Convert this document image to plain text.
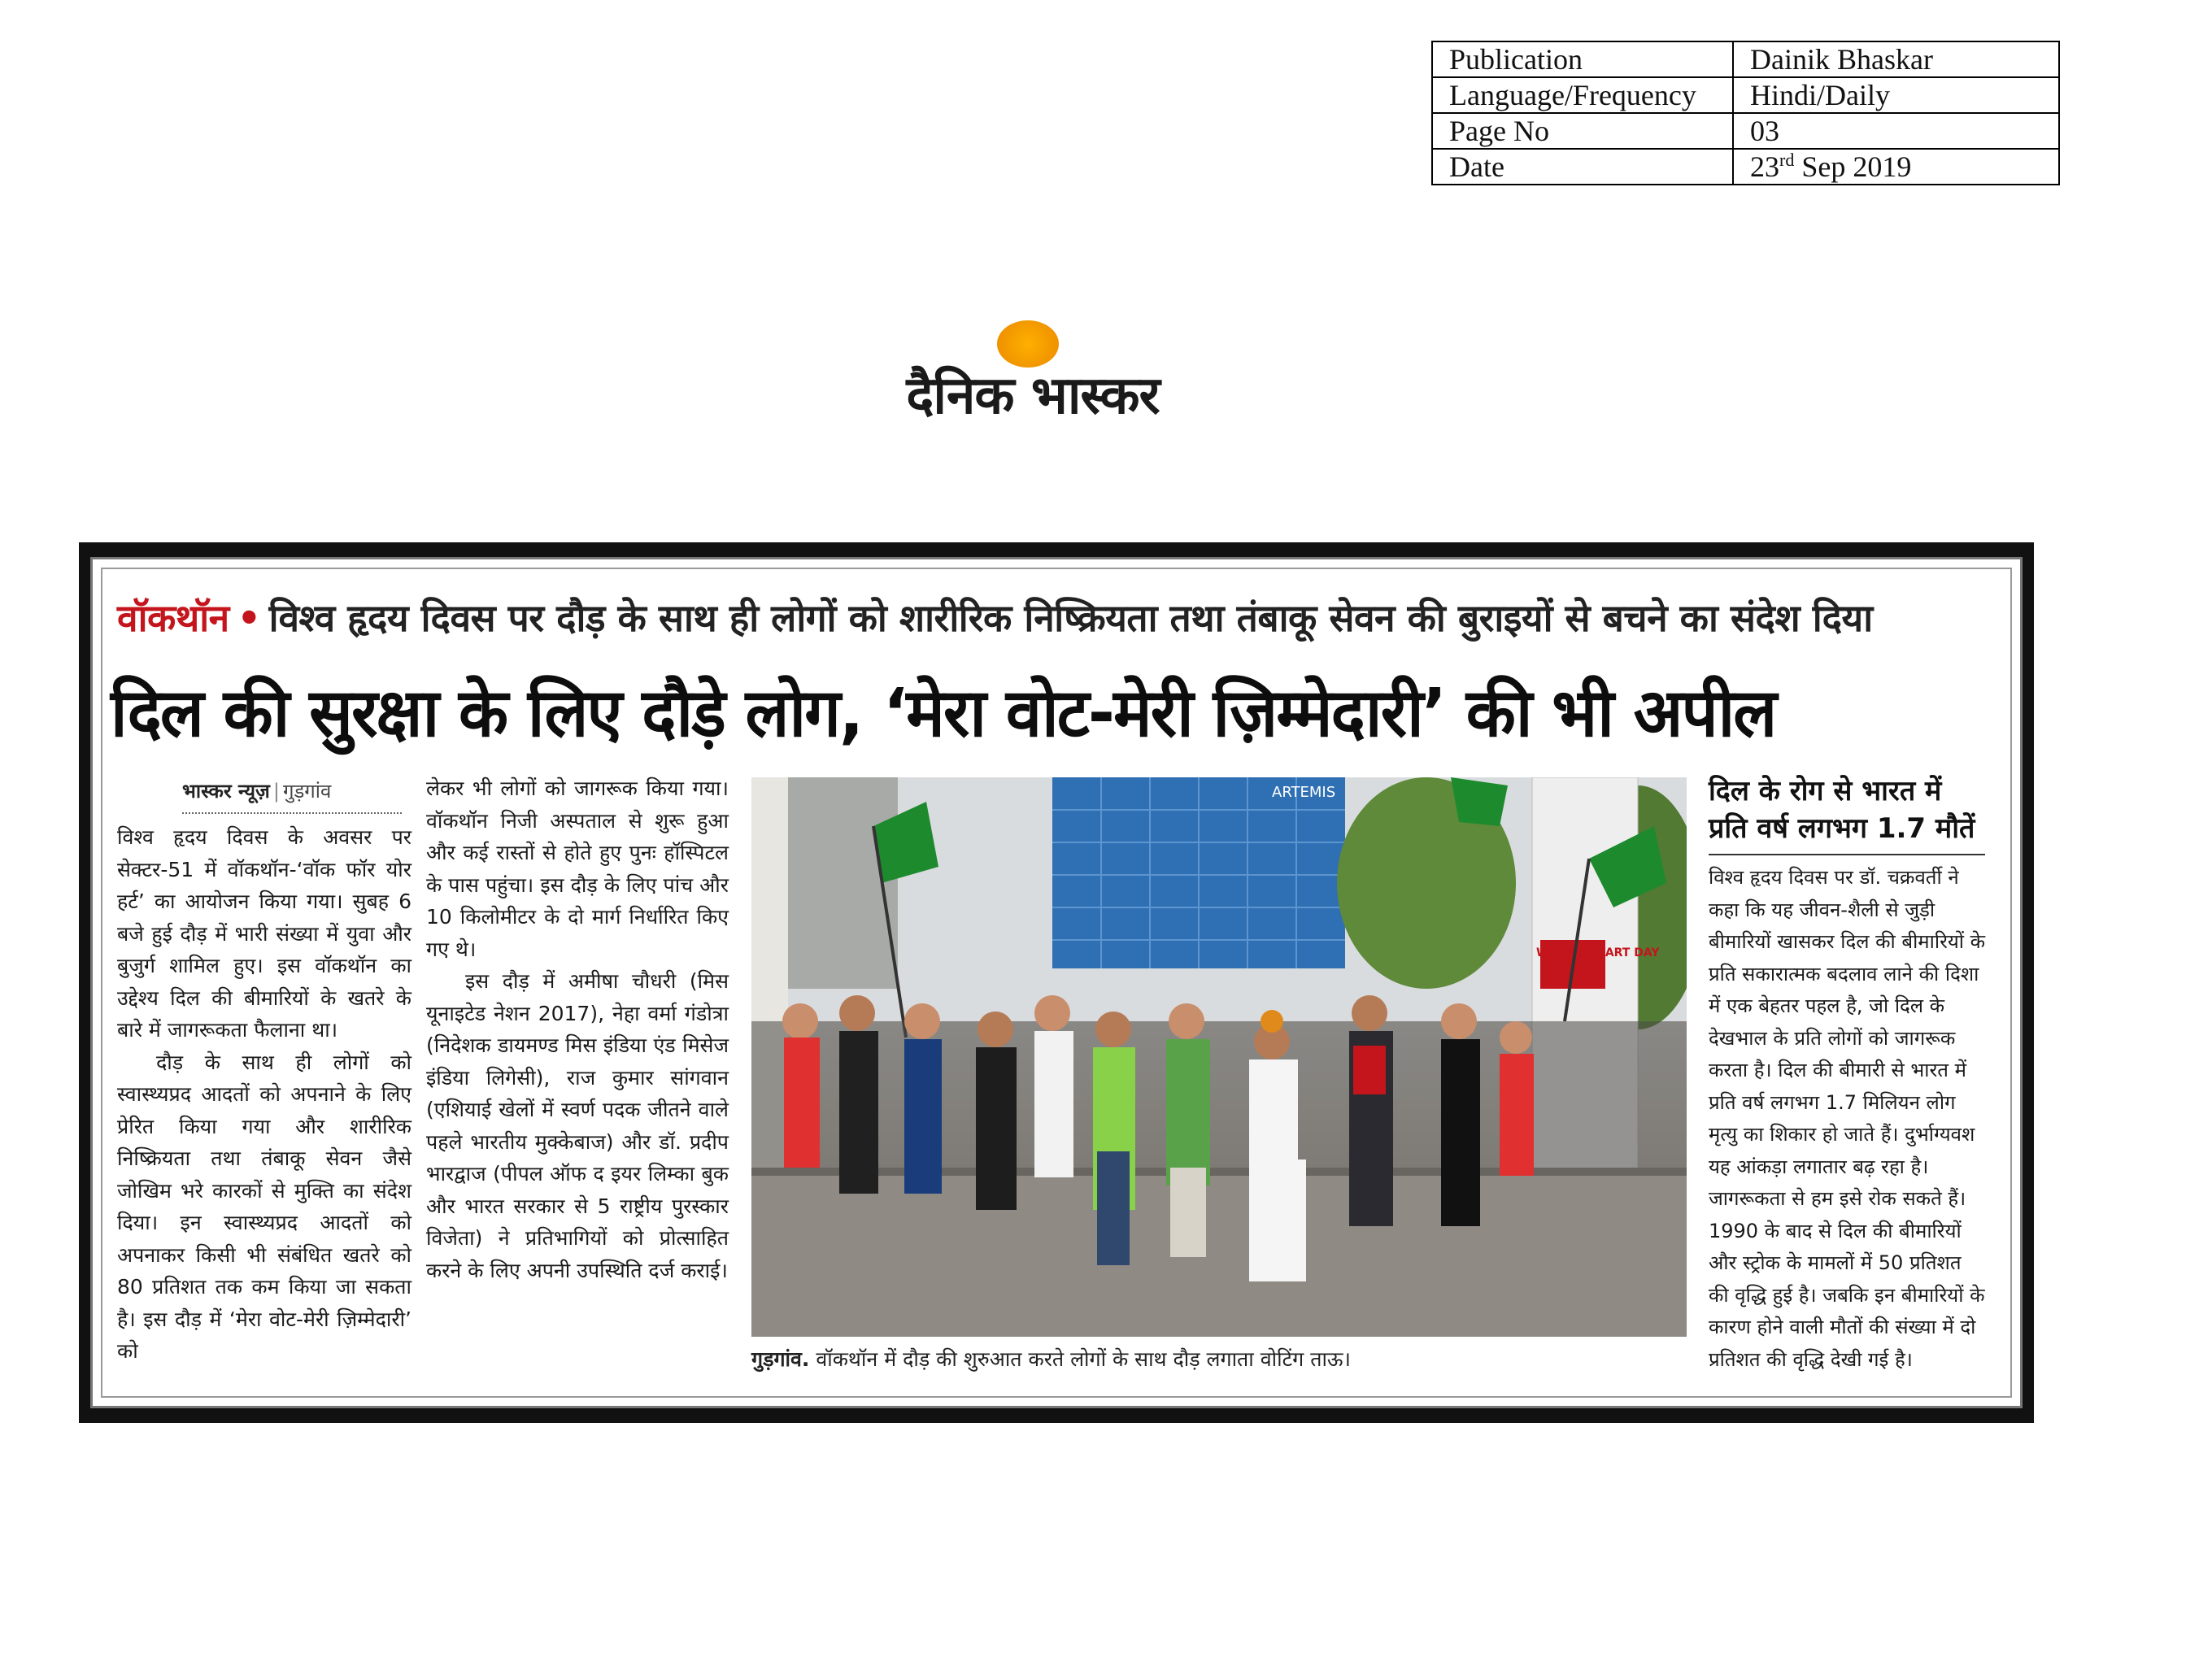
Publication	Dainik Bhaskar
Language/Frequency	Hindi/Daily
Page No	03
Date	23rd Sep 2019
दैनिक भास्कर
वॉकथॉन • विश्व हृदय दिवस पर दौड़ के साथ ही लोगों को शारीरिक निष्क्रियता तथा तंबाकू सेवन की बुराइयों से बचने का संदेश दिया
दिल की सुरक्षा के लिए दौड़े लोग, ‘मेरा वोट-मेरी ज़िम्मेदारी’ की भी अपील
भास्कर न्यूज़ | गुड़गांव

विश्व हृदय दिवस के अवसर पर सेक्टर-51 में वॉकथॉन-‘वॉक फॉर योर हर्ट’ का आयोजन किया गया। सुबह 6 बजे हुई दौड़ में भारी संख्या में युवा और बुजुर्ग शामिल हुए। इस वॉकथॉन का उद्देश्य दिल की बीमारियों के खतरे के बारे में जागरूकता फैलाना था।

दौड़ के साथ ही लोगों को स्वास्थ्यप्रद आदतों को अपनाने के लिए प्रेरित किया गया और शारीरिक निष्क्रियता तथा तंबाकू सेवन जैसे जोखिम भरे कारकों से मुक्ति का संदेश दिया। इन स्वास्थ्यप्रद आदतों को अपनाकर किसी भी संबंधित खतरे को 80 प्रतिशत तक कम किया जा सकता है। इस दौड़ में ‘मेरा वोट-मेरी ज़िम्मेदारी’ को

लेकर भी लोगों को जागरूक किया गया। वॉकथॉन निजी अस्पताल से शुरू हुआ और कई रास्तों से होते हुए पुनः हॉस्पिटल के पास पहुंचा। इस दौड़ के लिए पांच और 10 किलोमीटर के दो मार्ग निर्धारित किए गए थे।

इस दौड़ में अमीषा चौधरी (मिस यूनाइटेड नेशन 2017), नेहा वर्मा गंडोत्रा (निदेशक डायमण्ड मिस इंडिया एंड मिसेज इंडिया लिगेसी), राज कुमार सांगवान (एशियाई खेलों में स्वर्ण पदक जीतने वाले पहले भारतीय मुक्केबाज) और डॉ. प्रदीप भारद्वाज (पीपल ऑफ द इयर लिम्का बुक और भारत सरकार से 5 राष्ट्रीय पुरस्कार विजेता) ने प्रतिभागियों को प्रोत्साहित करने के लिए अपनी उपस्थिति दर्ज कराई।

ARTEMIS
WORLD HEART DAY
गुड़गांव. वॉकथॉन में दौड़ की शुरुआत करते लोगों के साथ दौड़ लगाता वोटिंग ताऊ।
दिल के रोग से भारत में प्रति वर्ष लगभग 1.7 मौतें
विश्व हृदय दिवस पर डॉ. चक्रवर्ती ने कहा कि यह जीवन-शैली से जुड़ी बीमारियों खासकर दिल की बीमारियों के प्रति सकारात्मक बदलाव लाने की दिशा में एक बेहतर पहल है, जो दिल के देखभाल के प्रति लोगों को जागरूक करता है। दिल की बीमारी से भारत में प्रति वर्ष लगभग 1.7 मिलियन लोग मृत्यु का शिकार हो जाते हैं। दुर्भाग्यवश यह आंकड़ा लगातार बढ़ रहा है। जागरूकता से हम इसे रोक सकते हैं। 1990 के बाद से दिल की बीमारियों और स्ट्रोक के मामलों में 50 प्रतिशत की वृद्धि हुई है। जबकि इन बीमारियों के कारण होने वाली मौतों की संख्या में दो प्रतिशत की वृद्धि देखी गई है।
